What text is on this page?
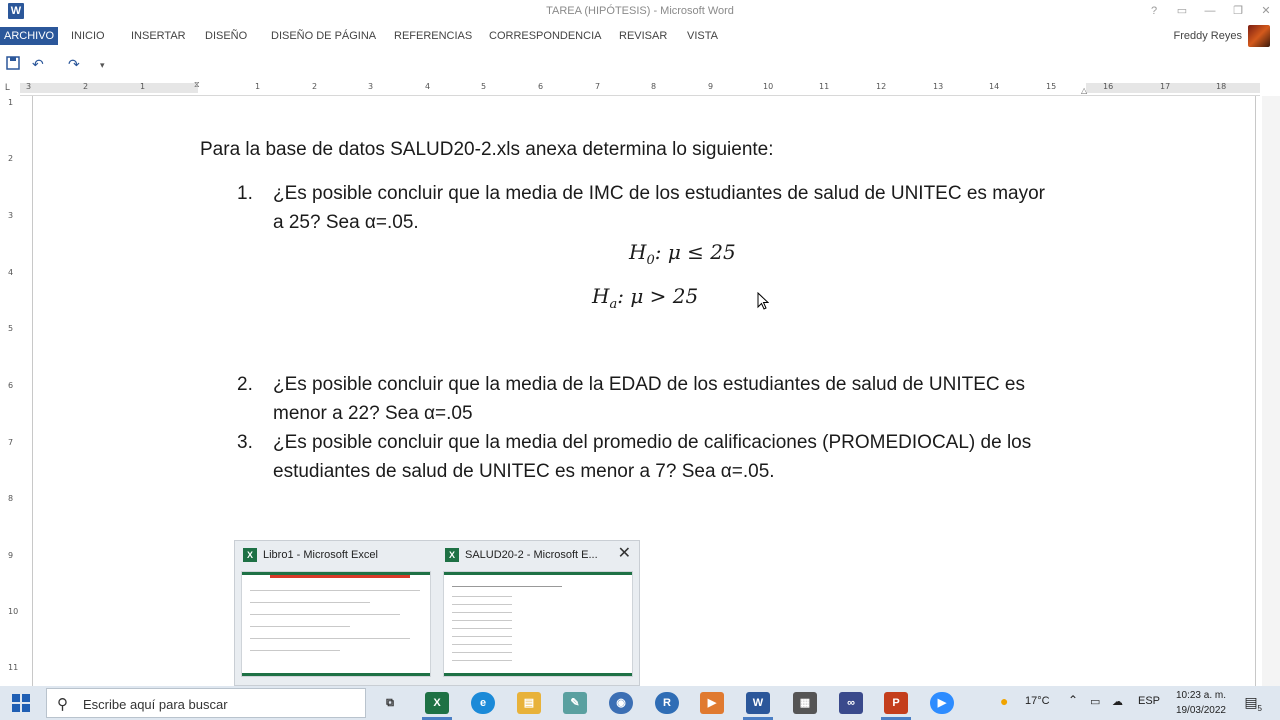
W	TAREA (HIPÓTESIS) - Microsoft Word	?	▭	—	❐	✕
ARCHIVO	INICIO INSERTAR DISEÑO DISEÑO DE PÁGINA REFERENCIAS CORRESPONDENCIA REVISAR VISTA	Freddy Reyes
↶ ↷ ▾
L 3	2	1	1	2	3	4	5	6	7	8	9	10	11	12	13	14	15	16	17	18
⧖
△
1
2
3
4
5
6
7
8
9
10
11
Para la base de datos SALUD20-2.xls anexa determina lo siguiente:
1. ¿Es posible concluir que la media de IMC de los estudiantes de salud de UNITEC es mayor
a 25? Sea α=.05.
$H_0$: μ ≤ 25
$H_a$: μ > 25
2. ¿Es posible concluir que la media de la EDAD de los estudiantes de salud de UNITEC es
menor a 22? Sea α=.05
3. ¿Es posible concluir que la media del promedio de calificaciones (PROMEDIOCAL) de los
estudiantes de salud de UNITEC es menor a 7? Sea α=.05.
X Libro1 - Microsoft Excel	X SALUD20-2 - Microsoft E... ✕
⚲ Escribe aquí para buscar	⧉	X	e	▤	✎	◉	R	▶	W	▦	∞	P	▶	● 17°C ⌃ ▭ ☁ ESP 10:23 a. m.
19/03/2022
$▤_5$
